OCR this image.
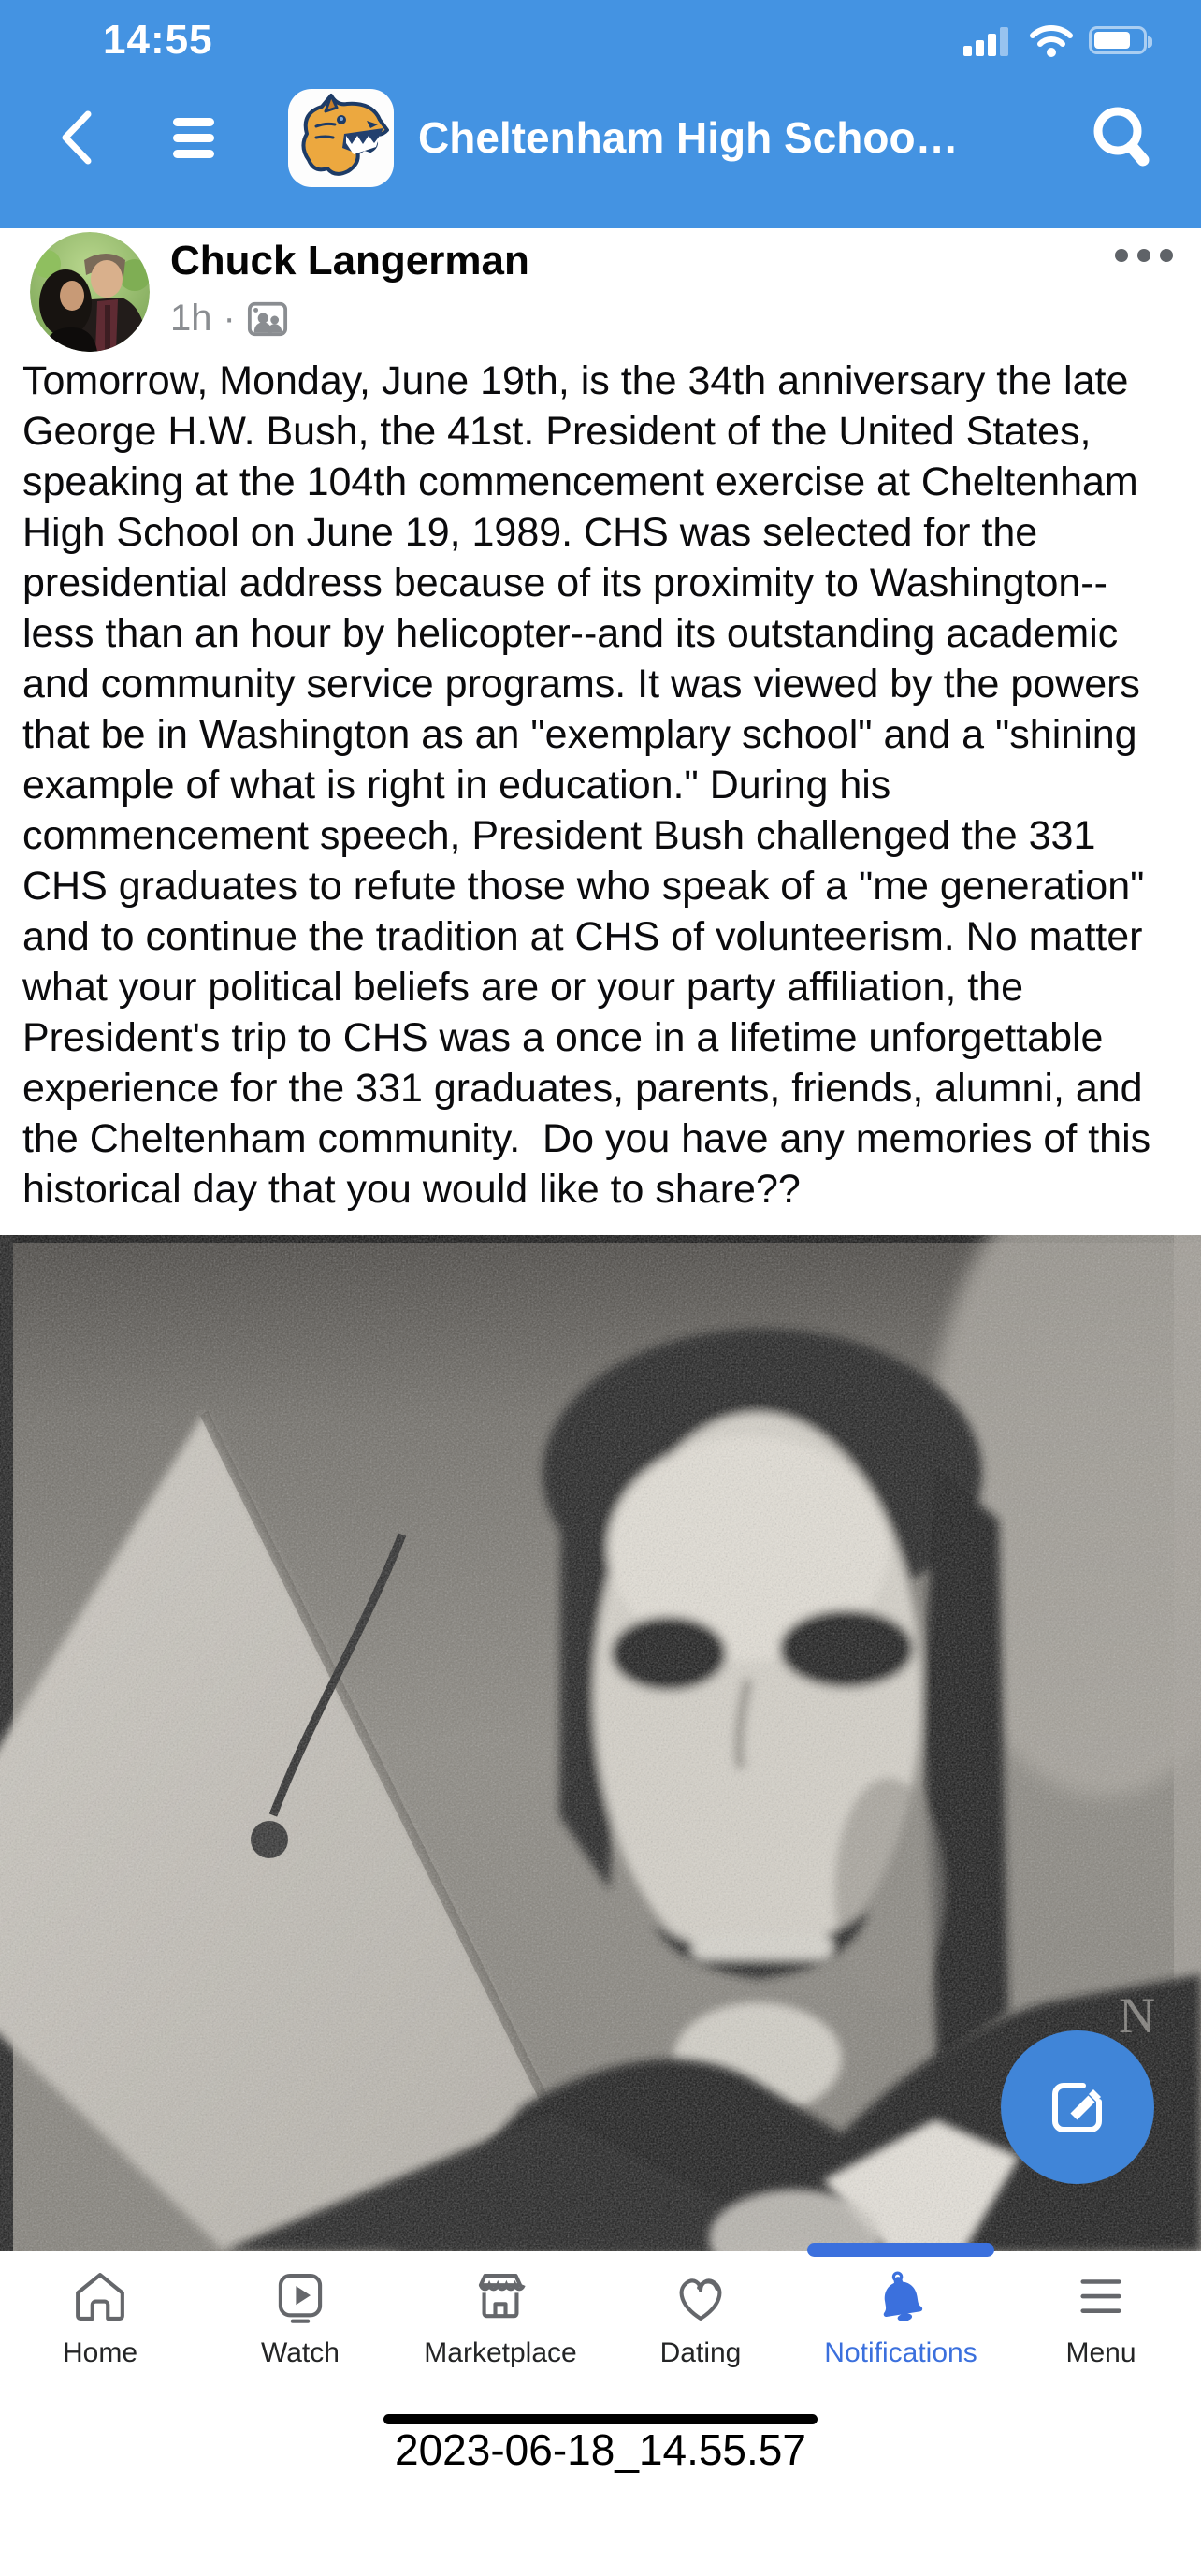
14:55
Cheltenham High Schoo…
Chuck Langerman
1h ·

Tomorrow, Monday, June 19th, is the 34th anniversary the late George H.W. Bush, the 41st. President of the United States, speaking at the 104th commencement exercise at Cheltenham High School on June 19, 1989. CHS was selected for the presidential address because of its proximity to Washington--less than an hour by helicopter--and its outstanding academic and community service programs. It was viewed by the powers that be in Washington as an "exemplary school" and a "shining example of what is right in education." During his commencement speech, President Bush challenged the 331 CHS graduates to refute those who speak of a "me generation" and to continue the tradition at CHS of volunteerism. No matter what your political beliefs are or your party affiliation, the President's trip to CHS was a once in a lifetime unforgettable experience for the 331 graduates, parents, friends, alumni, and the Cheltenham community.  Do you have any memories of this historical day that you would like to share??

N
Home	Watch	Marketplace	Dating	Notifications	Menu
2023-06-18_14.55.57
